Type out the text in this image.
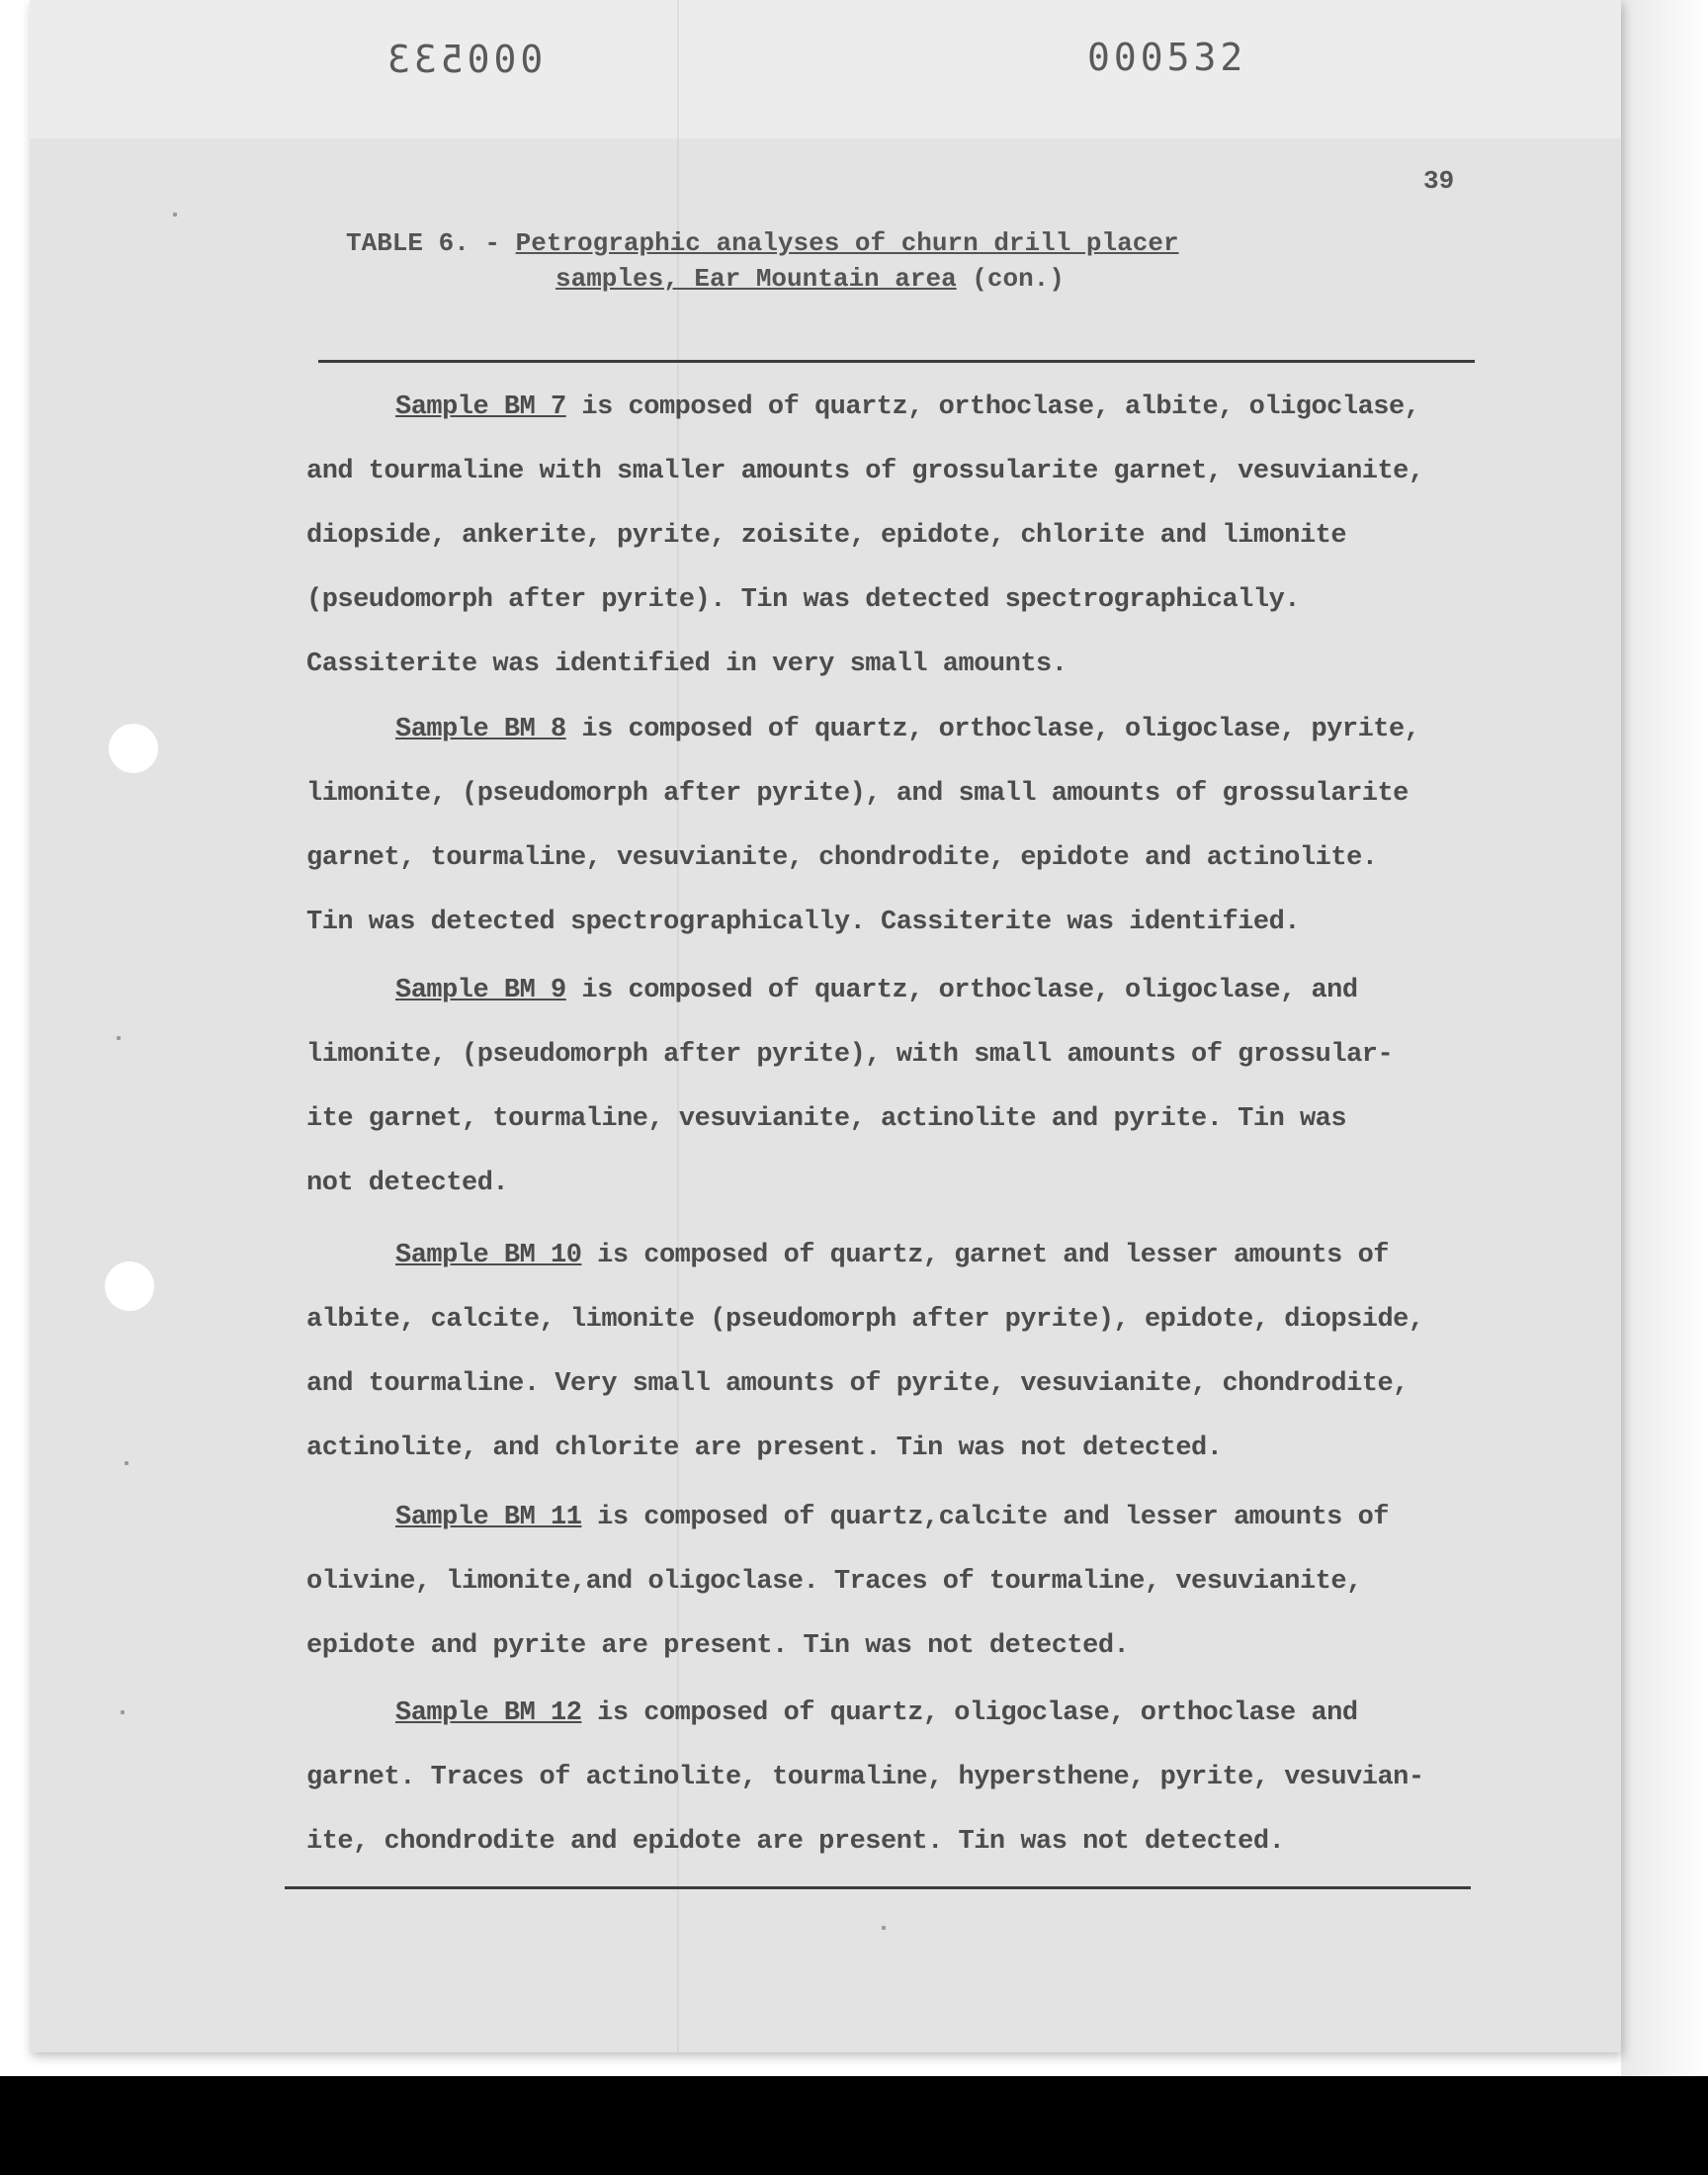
000533	000532
39
TABLE 6. - Petrographic analyses of churn drill placer
samples, Ear Mountain area (con.)
Sample BM 7 is composed of quartz, orthoclase, albite, oligoclase,
and tourmaline with smaller amounts of grossularite garnet, vesuvianite,
diopside, ankerite, pyrite, zoisite, epidote, chlorite and limonite
(pseudomorph after pyrite). Tin was detected spectrographically.
Cassiterite was identified in very small amounts.
Sample BM 8 is composed of quartz, orthoclase, oligoclase, pyrite,
limonite, (pseudomorph after pyrite), and small amounts of grossularite
garnet, tourmaline, vesuvianite, chondrodite, epidote and actinolite.
Tin was detected spectrographically. Cassiterite was identified.
Sample BM 9 is composed of quartz, orthoclase, oligoclase, and
limonite, (pseudomorph after pyrite), with small amounts of grossular-
ite garnet, tourmaline, vesuvianite, actinolite and pyrite. Tin was
not detected.
Sample BM 10 is composed of quartz, garnet and lesser amounts of
albite, calcite, limonite (pseudomorph after pyrite), epidote, diopside,
and tourmaline. Very small amounts of pyrite, vesuvianite, chondrodite,
actinolite, and chlorite are present. Tin was not detected.
Sample BM 11 is composed of quartz,calcite and lesser amounts of
olivine, limonite,and oligoclase. Traces of tourmaline, vesuvianite,
epidote and pyrite are present. Tin was not detected.
Sample BM 12 is composed of quartz, oligoclase, orthoclase and
garnet. Traces of actinolite, tourmaline, hypersthene, pyrite, vesuvian-
ite, chondrodite and epidote are present. Tin was not detected.
